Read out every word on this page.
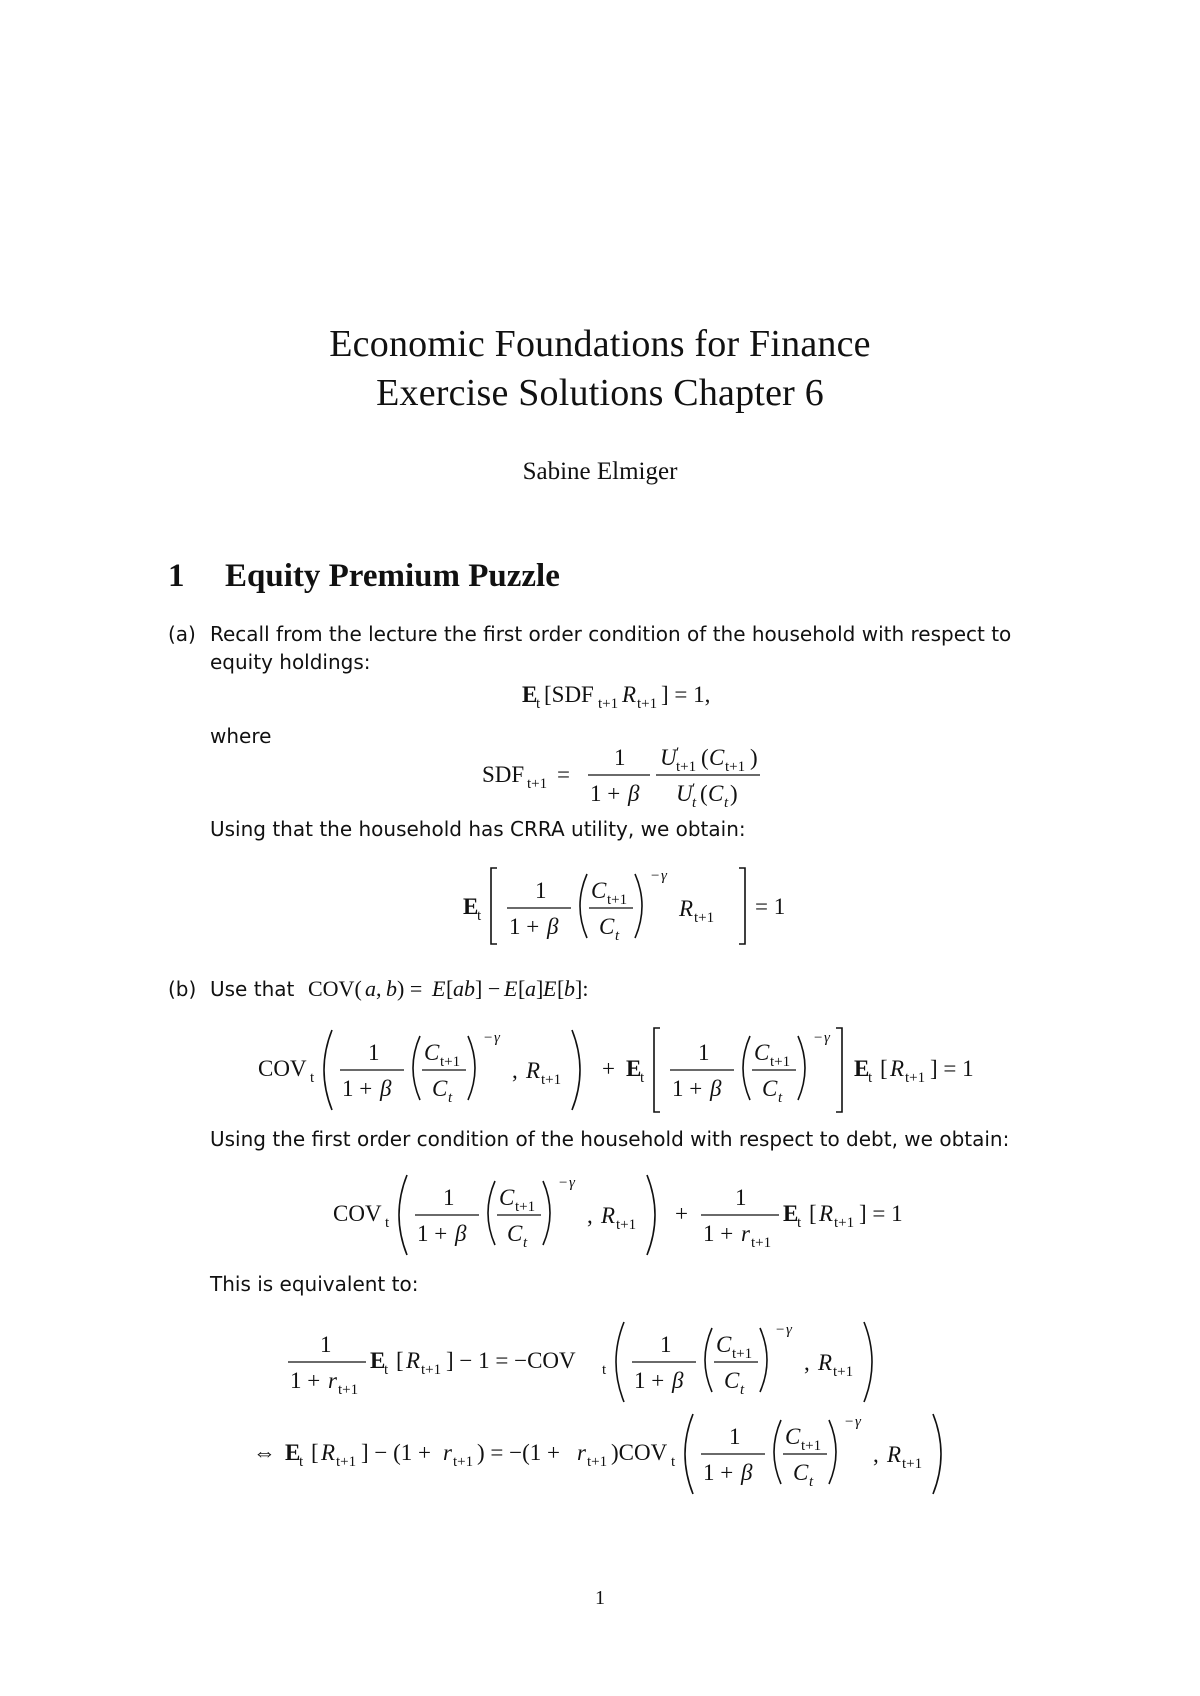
Economic Foundations for Finance
Exercise Solutions Chapter 6
Sabine Elmiger
1 Equity Premium Puzzle
(a) Recall from the lecture the first order condition of the household with respect to
equity holdings:
E
t [SDF t+1 R t+1 ] = 1,
where
SDF t+1 =
1
1 + β
U ′
t+1 ( C t+1 )
U ′
t ( C t )
Using that the household has CRRA utility, we obtain:
E
t
1
1 + β
C t+1
C t
− γ
R t+1 = 1
(b) Use that COV( a , b ) = E [ ab ] − E [ a ] E [ b ]:
COV t
1
1 + β
C t+1
C t
− γ
, R t+1 + E
t
1
1 + β
C t+1
C t
− γ
E
t [ R t+1 ] = 1
Using the first order condition of the household with respect to debt, we obtain:
COV t
1
1 + β
C t+1
C t
− γ
, R t+1 +
1
1 + r t+1
E
t [ R t+1 ] = 1
This is equivalent to:
1
1 + r t+1
E
t [ R t+1 ] − 1 = −COV t
1
1 + β
C t+1
C t
− γ
, R t+1
⇔ E
t [ R t+1 ] − (1 + r t+1 ) = −(1 + r t+1 )COV t
1
1 + β
C t+1
C t
− γ
, R t+1
1
